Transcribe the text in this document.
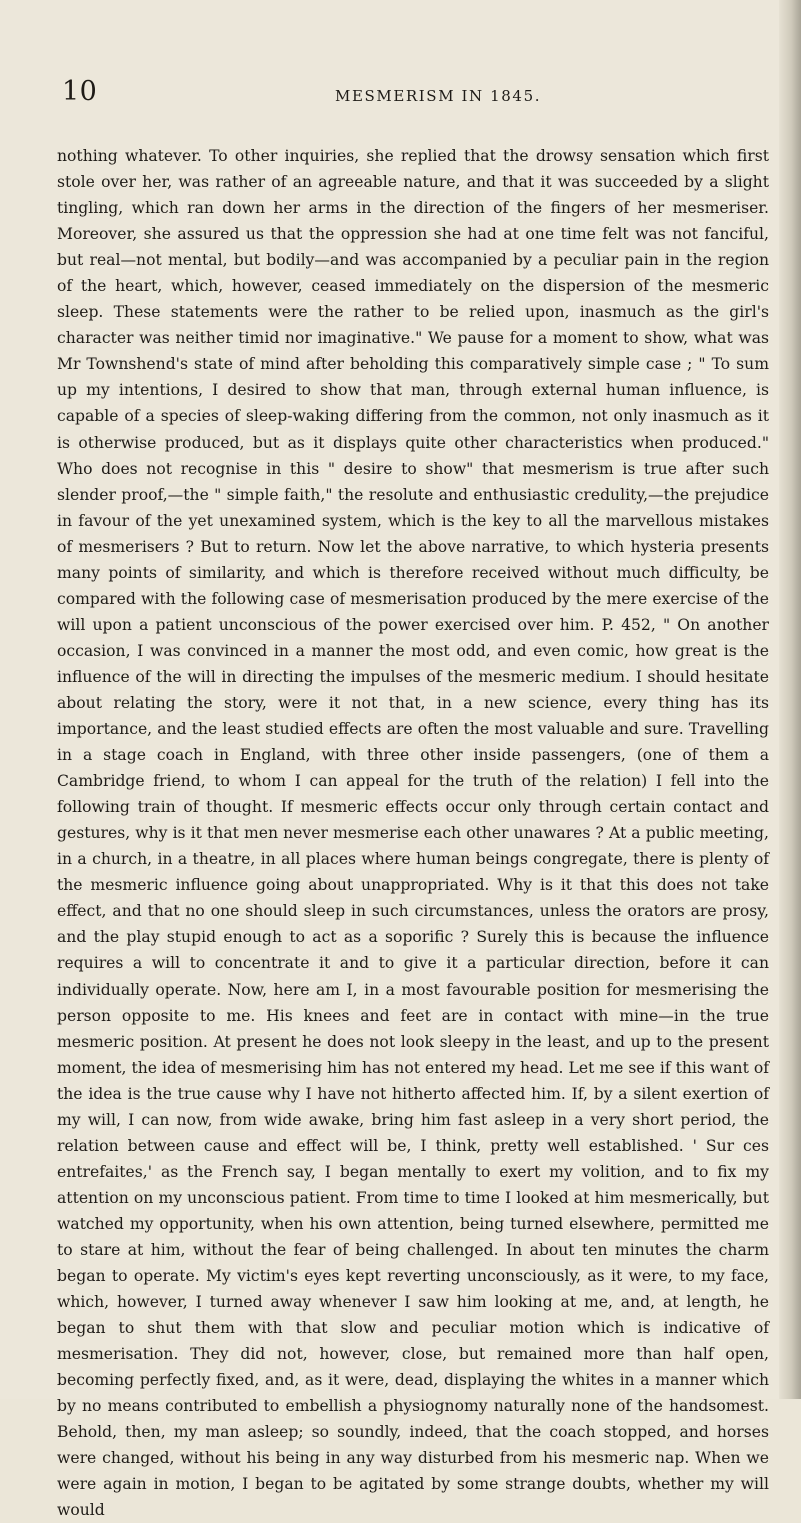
10	MESMERISM IN 1845.

nothing whatever. To other inquiries, she replied that the drowsy sensation which first stole over her, was rather of an agreeable nature, and that it was succeeded by a slight tingling, which ran down her arms in the direction of the fingers of her mesmeriser. Moreover, she assured us that the oppression she had at one time felt was not fanciful, but real—not mental, but bodily—and was accompanied by a peculiar pain in the region of the heart, which, however, ceased immediately on the dispersion of the mesmeric sleep. These statements were the rather to be relied upon, inasmuch as the girl's character was neither timid nor imaginative." We pause for a moment to show, what was Mr Townshend's state of mind after beholding this comparatively simple case ; " To sum up my intentions, I desired to show that man, through external human influence, is capable of a species of sleep-waking differing from the common, not only inasmuch as it is otherwise produced, but as it displays quite other characteristics when produced." Who does not recognise in this " desire to show" that mesmerism is true after such slender proof,—the " simple faith," the resolute and enthusiastic credulity,—the prejudice in favour of the yet unexamined system, which is the key to all the marvellous mistakes of mesmerisers ? But to return. Now let the above narrative, to which hysteria presents many points of similarity, and which is therefore received without much difficulty, be compared with the following case of mesmerisation produced by the mere exercise of the will upon a patient unconscious of the power exercised over him. P. 452, " On another occasion, I was convinced in a manner the most odd, and even comic, how great is the influence of the will in directing the impulses of the mesmeric medium. I should hesitate about relating the story, were it not that, in a new science, every thing has its importance, and the least studied effects are often the most valuable and sure. Travelling in a stage coach in England, with three other inside passengers, (one of them a Cambridge friend, to whom I can appeal for the truth of the relation) I fell into the following train of thought. If mesmeric effects occur only through certain contact and gestures, why is it that men never mesmerise each other unawares ? At a public meeting, in a church, in a theatre, in all places where human beings congregate, there is plenty of the mesmeric influence going about unappropriated. Why is it that this does not take effect, and that no one should sleep in such circumstances, unless the orators are prosy, and the play stupid enough to act as a soporific ? Surely this is because the influence requires a will to concentrate it and to give it a particular direction, before it can individually operate. Now, here am I, in a most favourable position for mesmerising the person opposite to me. His knees and feet are in contact with mine—in the true mesmeric position. At present he does not look sleepy in the least, and up to the present moment, the idea of mesmerising him has not entered my head. Let me see if this want of the idea is the true cause why I have not hitherto affected him. If, by a silent exertion of my will, I can now, from wide awake, bring him fast asleep in a very short period, the relation between cause and effect will be, I think, pretty well established. ' Sur ces entrefaites,' as the French say, I began mentally to exert my volition, and to fix my attention on my unconscious patient. From time to time I looked at him mesmerically, but watched my opportunity, when his own attention, being turned elsewhere, permitted me to stare at him, without the fear of being challenged. In about ten minutes the charm began to operate. My victim's eyes kept reverting unconsciously, as it were, to my face, which, however, I turned away whenever I saw him looking at me, and, at length, he began to shut them with that slow and peculiar motion which is indicative of mesmerisation. They did not, however, close, but remained more than half open, becoming perfectly fixed, and, as it were, dead, displaying the whites in a manner which by no means contributed to embellish a physiognomy naturally none of the handsomest. Behold, then, my man asleep; so soundly, indeed, that the coach stopped, and horses were changed, without his being in any way disturbed from his mesmeric nap. When we were again in motion, I began to be agitated by some strange doubts, whether my will would
